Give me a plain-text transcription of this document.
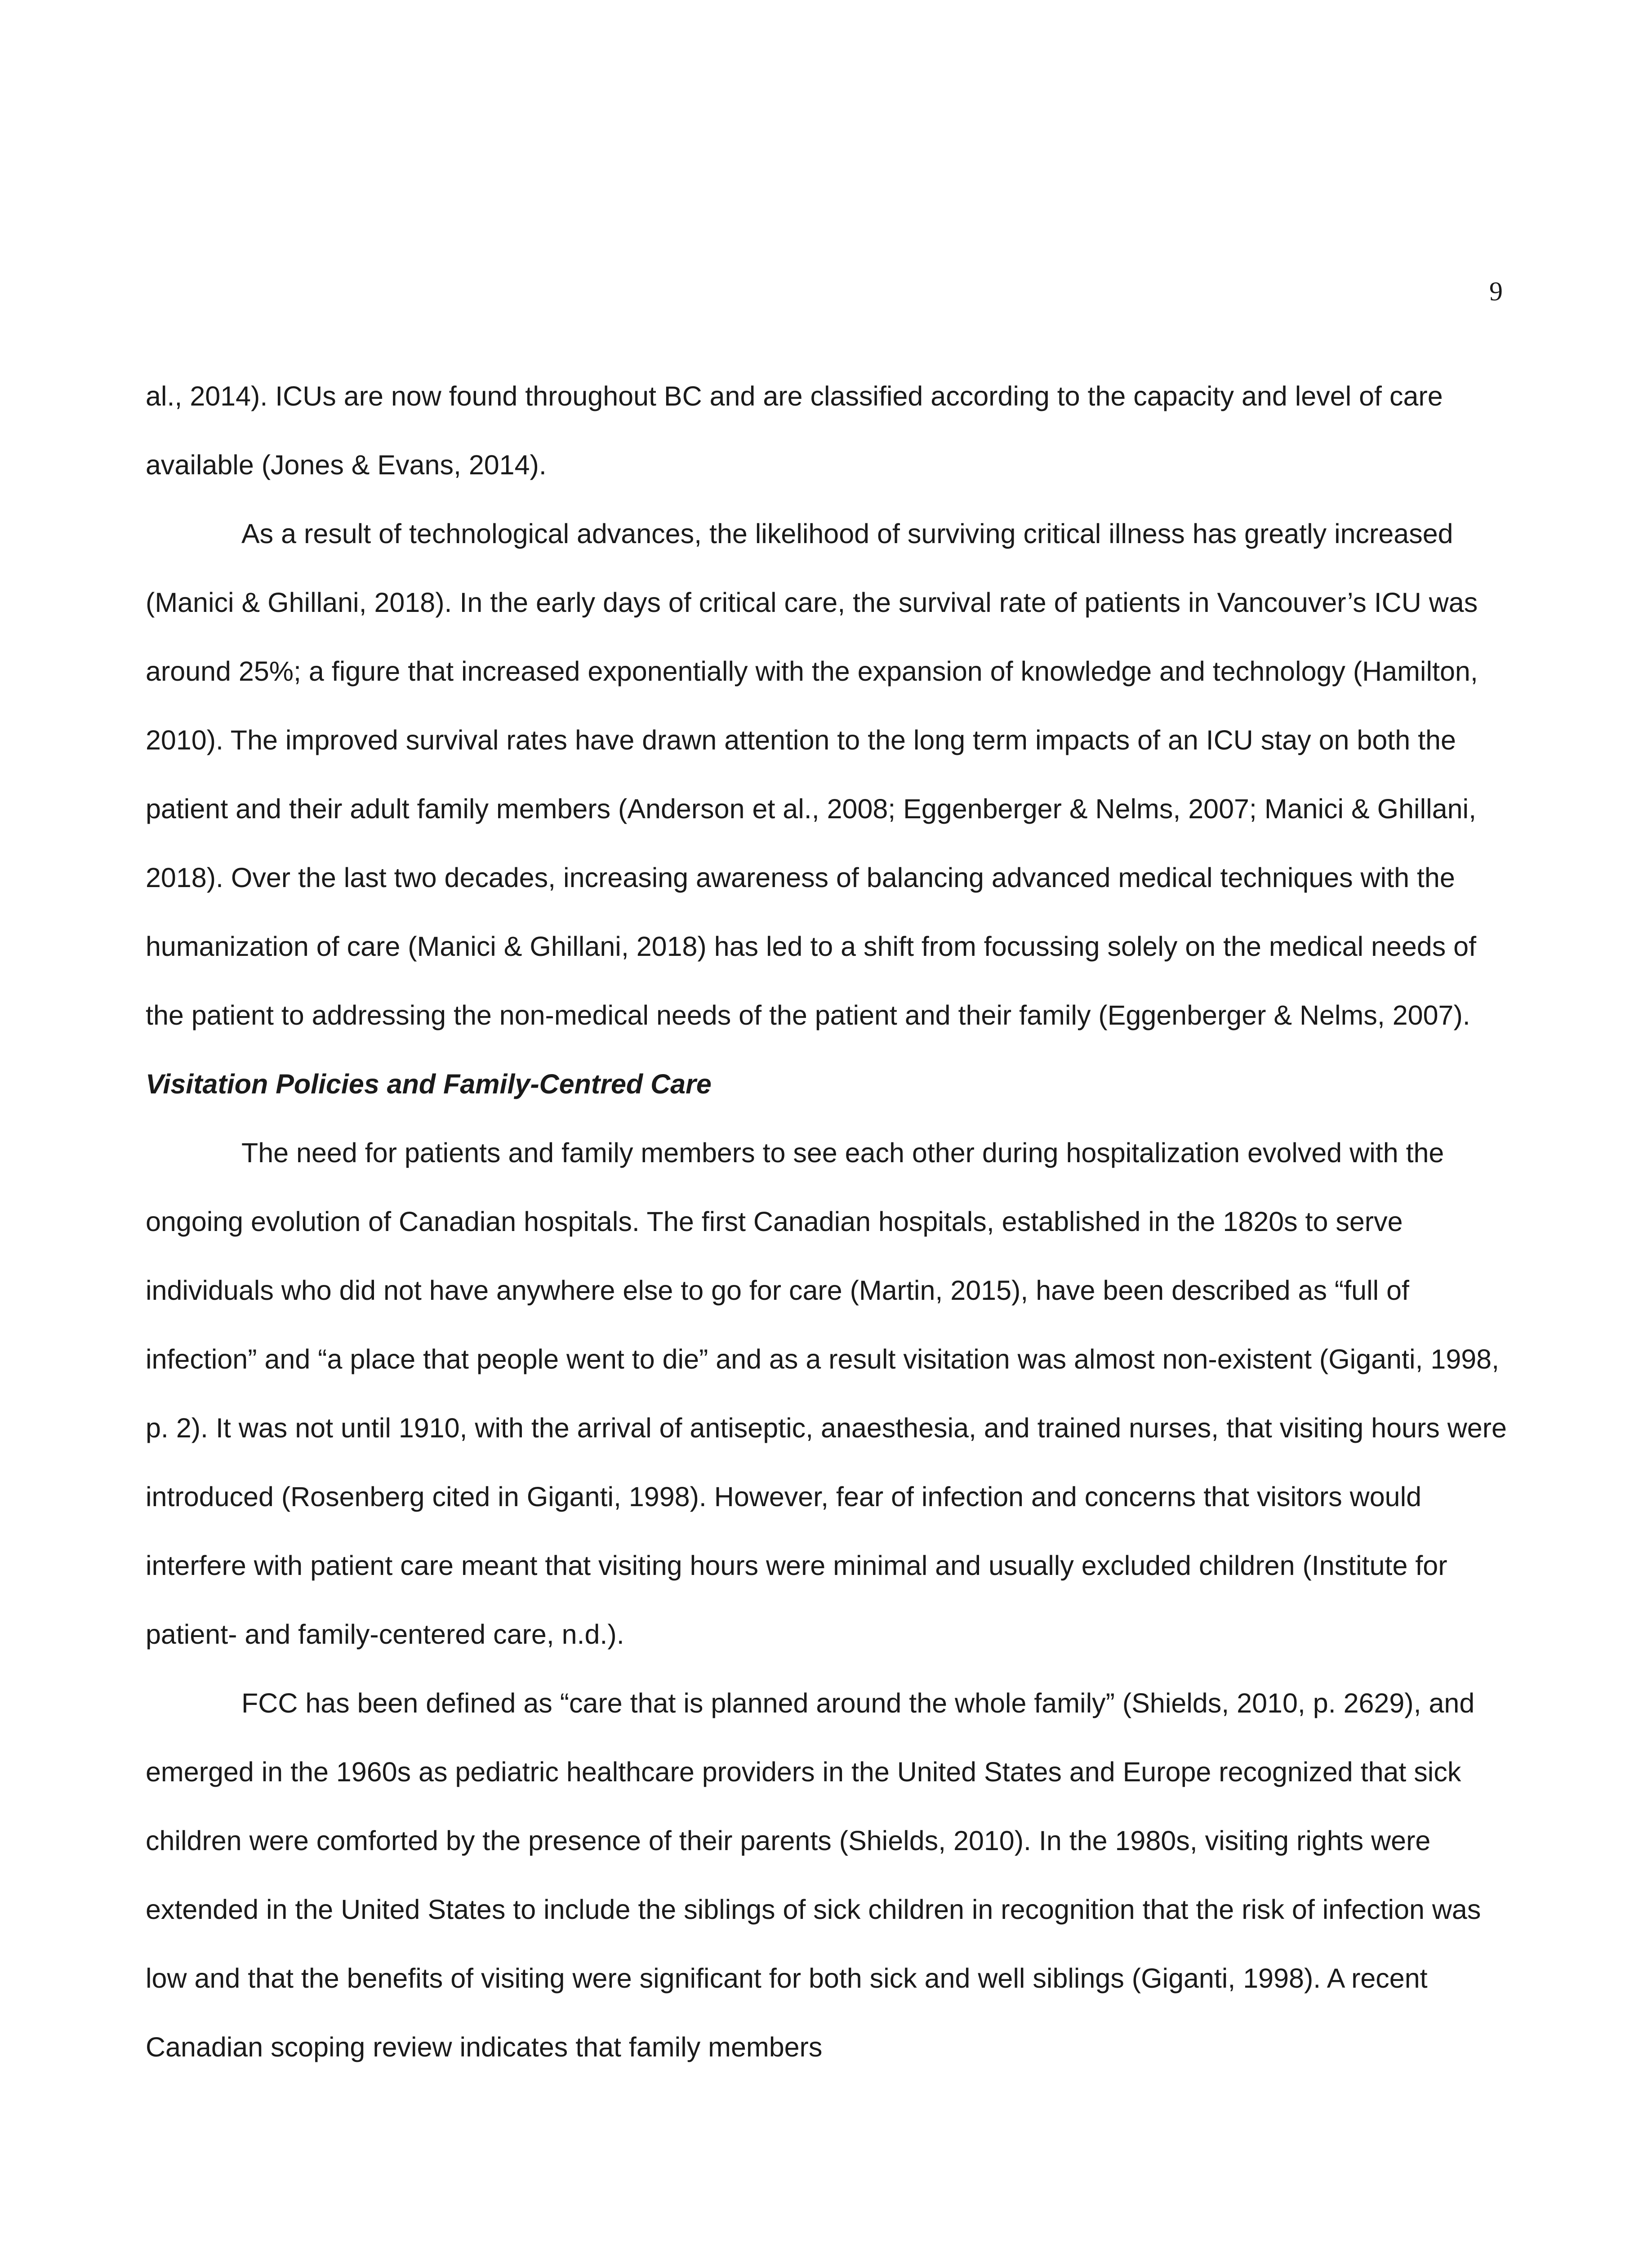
9

al., 2014). ICUs are now found throughout BC and are classified according to the capacity and level of care available (Jones & Evans, 2014).

As a result of technological advances, the likelihood of surviving critical illness has greatly increased (Manici & Ghillani, 2018). In the early days of critical care, the survival rate of patients in Vancouver’s ICU was around 25%; a figure that increased exponentially with the expansion of knowledge and technology (Hamilton, 2010). The improved survival rates have drawn attention to the long term impacts of an ICU stay on both the patient and their adult family members (Anderson et al., 2008; Eggenberger & Nelms, 2007; Manici & Ghillani, 2018). Over the last two decades, increasing awareness of balancing advanced medical techniques with the humanization of care (Manici & Ghillani, 2018) has led to a shift from focussing solely on the medical needs of the patient to addressing the non-medical needs of the patient and their family (Eggenberger & Nelms, 2007).

Visitation Policies and Family-Centred Care

The need for patients and family members to see each other during hospitalization evolved with the ongoing evolution of Canadian hospitals. The first Canadian hospitals, established in the 1820s to serve individuals who did not have anywhere else to go for care (Martin, 2015), have been described as “full of infection” and “a place that people went to die” and as a result visitation was almost non-existent (Giganti, 1998, p. 2). It was not until 1910, with the arrival of antiseptic, anaesthesia, and trained nurses, that visiting hours were introduced (Rosenberg cited in Giganti, 1998). However, fear of infection and concerns that visitors would interfere with patient care meant that visiting hours were minimal and usually excluded children (Institute for patient- and family-centered care, n.d.).

FCC has been defined as “care that is planned around the whole family” (Shields, 2010, p. 2629), and emerged in the 1960s as pediatric healthcare providers in the United States and Europe recognized that sick children were comforted by the presence of their parents (Shields, 2010). In the 1980s, visiting rights were extended in the United States to include the siblings of sick children in recognition that the risk of infection was low and that the benefits of visiting were significant for both sick and well siblings (Giganti, 1998). A recent Canadian scoping review indicates that family members
